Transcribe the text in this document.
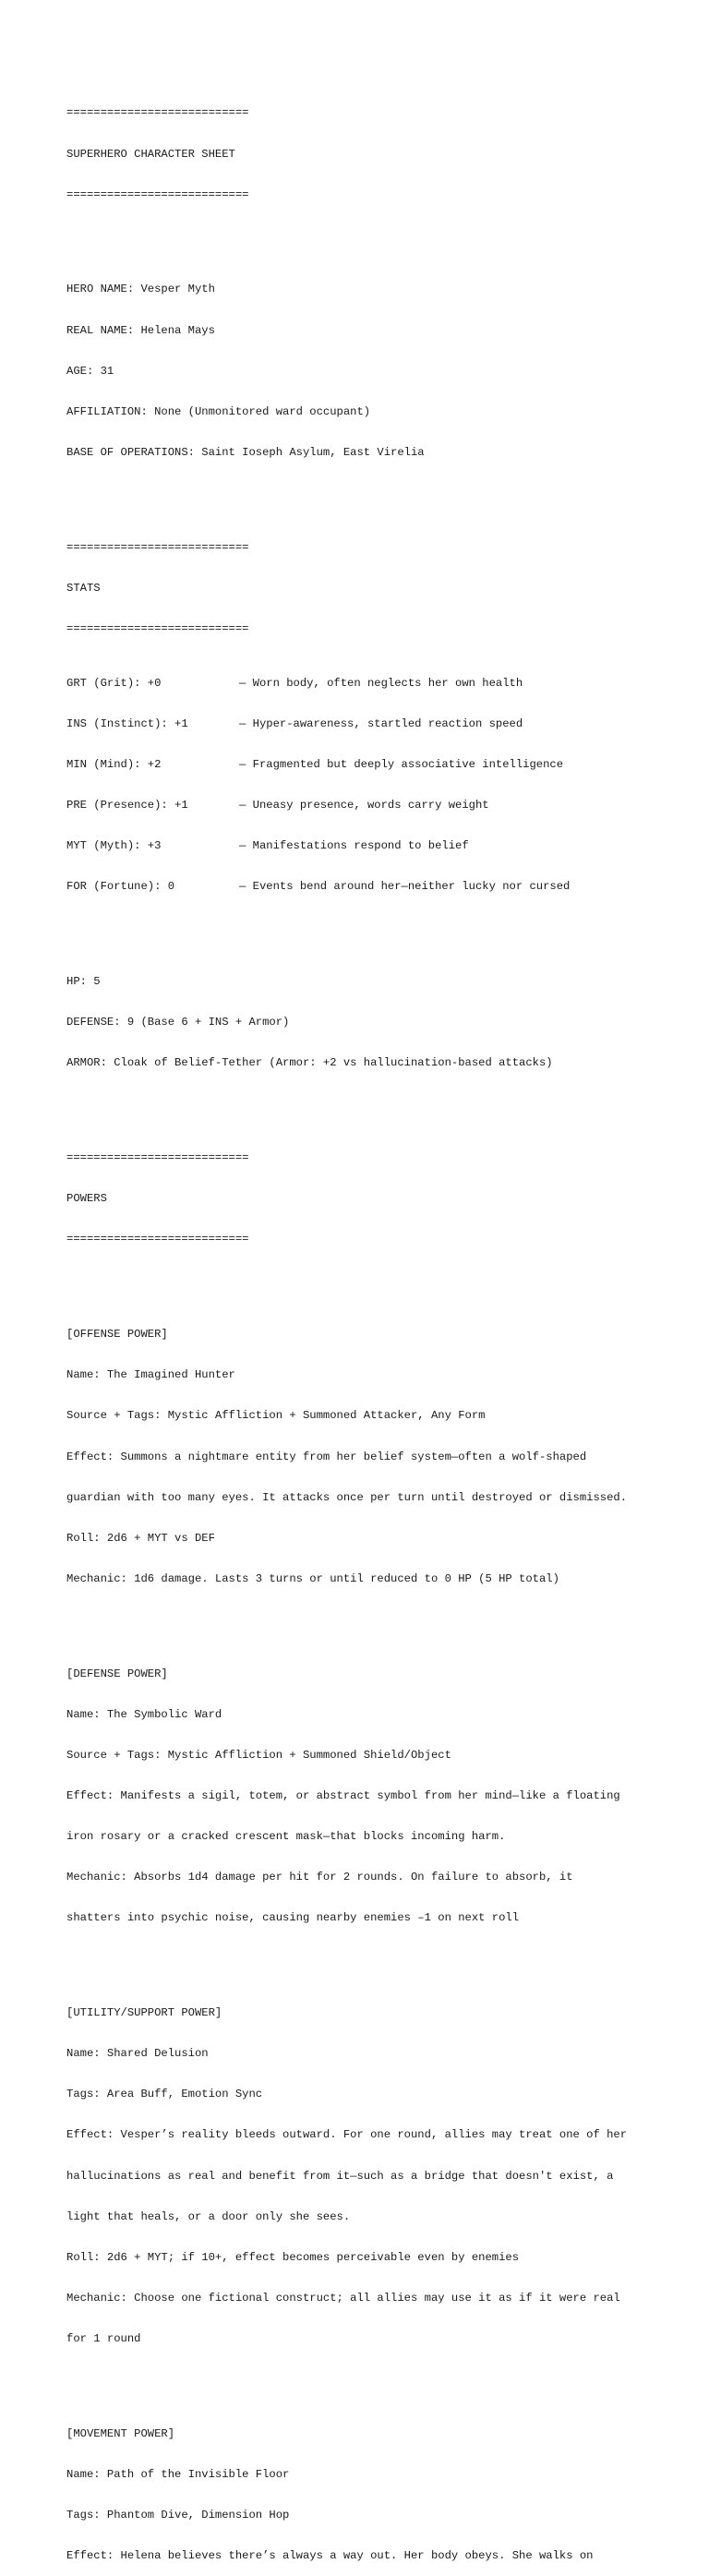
===========================

SUPERHERO CHARACTER SHEET

===========================

HERO NAME: Vesper Myth

REAL NAME: Helena Mays

AGE: 31

AFFILIATION: None (Unmonitored ward occupant)

BASE OF OPERATIONS: Saint Ioseph Asylum, East Virelia

===========================

STATS

===========================

GRT (Grit): +0	— Worn body, often neglects her own health

INS (Instinct): +1	— Hyper-awareness, startled reaction speed

MIN (Mind): +2	— Fragmented but deeply associative intelligence

PRE (Presence): +1	— Uneasy presence, words carry weight

MYT (Myth): +3	— Manifestations respond to belief

FOR (Fortune): 0	— Events bend around her—neither lucky nor cursed

HP: 5

DEFENSE: 9 (Base 6 + INS + Armor)

ARMOR: Cloak of Belief-Tether (Armor: +2 vs hallucination-based attacks)

===========================

POWERS

===========================

[OFFENSE POWER]

Name: The Imagined Hunter

Source + Tags: Mystic Affliction + Summoned Attacker, Any Form

Effect: Summons a nightmare entity from her belief system—often a wolf-shaped

guardian with too many eyes. It attacks once per turn until destroyed or dismissed.

Roll: 2d6 + MYT vs DEF

Mechanic: 1d6 damage. Lasts 3 turns or until reduced to 0 HP (5 HP total)

[DEFENSE POWER]

Name: The Symbolic Ward

Source + Tags: Mystic Affliction + Summoned Shield/Object

Effect: Manifests a sigil, totem, or abstract symbol from her mind—like a floating

iron rosary or a cracked crescent mask—that blocks incoming harm.

Mechanic: Absorbs 1d4 damage per hit for 2 rounds. On failure to absorb, it

shatters into psychic noise, causing nearby enemies –1 on next roll

[UTILITY/SUPPORT POWER]

Name: Shared Delusion

Tags: Area Buff, Emotion Sync

Effect: Vesper’s reality bleeds outward. For one round, allies may treat one of her

hallucinations as real and benefit from it—such as a bridge that doesn't exist, a

light that heals, or a door only she sees.

Roll: 2d6 + MYT; if 10+, effect becomes perceivable even by enemies

Mechanic: Choose one fictional construct; all allies may use it as if it were real

for 1 round

[MOVEMENT POWER]

Name: Path of the Invisible Floor

Tags: Phantom Dive, Dimension Hop

Effect: Helena believes there’s always a way out. Her body obeys. She walks on
